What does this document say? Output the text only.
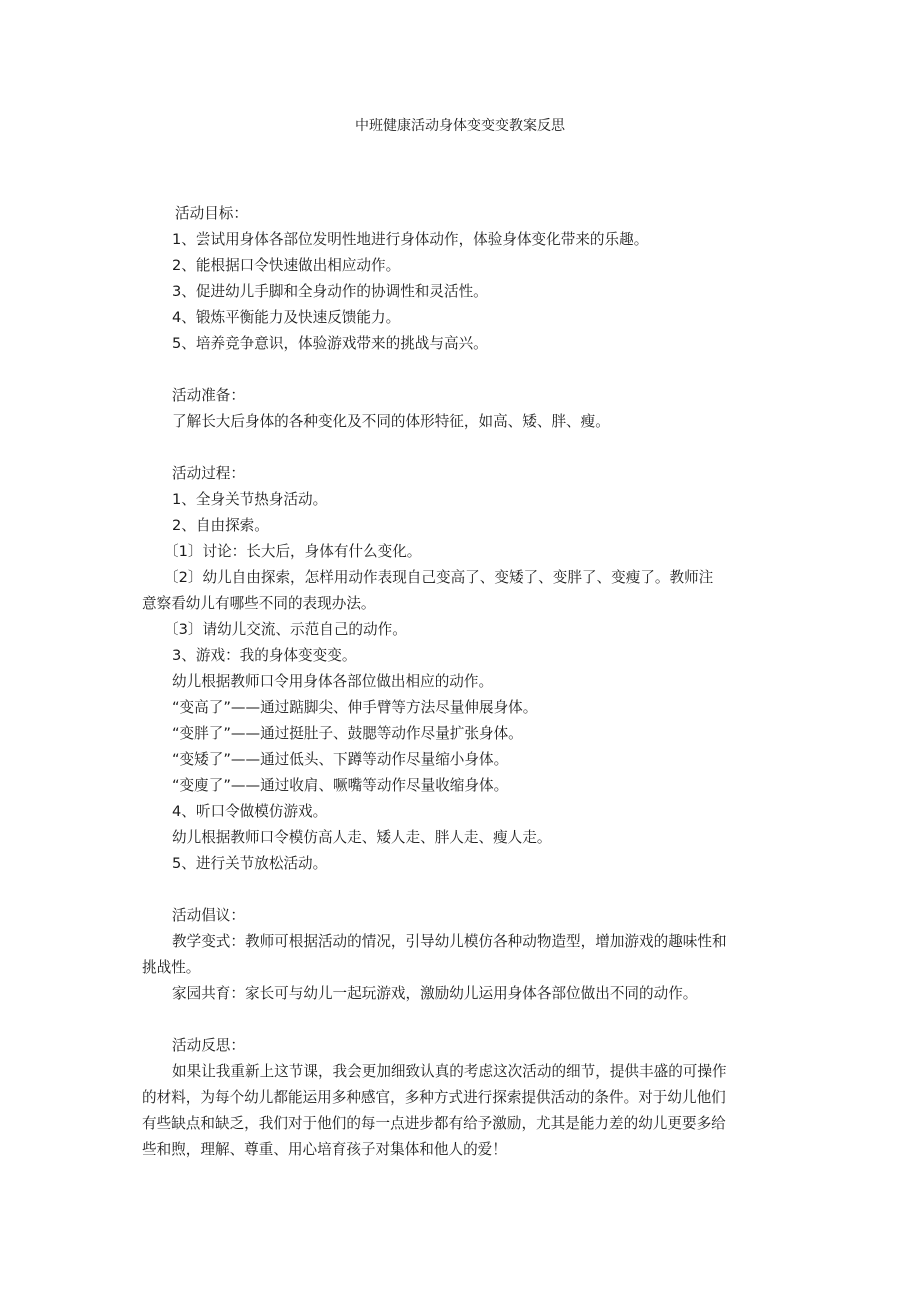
中班健康活动身体变变变教案反思
活动目标：
1、尝试用身体各部位发明性地进行身体动作，体验身体变化带来的乐趣。
2、能根据口令快速做出相应动作。
3、促进幼儿手脚和全身动作的协调性和灵活性。
4、锻炼平衡能力及快速反馈能力。
5、培养竞争意识，体验游戏带来的挑战与高兴。
活动准备：
了解长大后身体的各种变化及不同的体形特征，如高、矮、胖、瘦。
活动过程：
1、全身关节热身活动。
2、自由探索。
〔1〕讨论：长大后，身体有什么变化。
〔2〕幼儿自由探索，怎样用动作表现自己变高了、变矮了、变胖了、变瘦了。教师注
意察看幼儿有哪些不同的表现办法。
〔3〕请幼儿交流、示范自己的动作。
3、游戏：我的身体变变变。
幼儿根据教师口令用身体各部位做出相应的动作。
“变高了”——通过踮脚尖、伸手臂等方法尽量伸展身体。
“变胖了”——通过挺肚子、鼓腮等动作尽量扩张身体。
“变矮了”——通过低头、下蹲等动作尽量缩小身体。
“变廋了”——通过收肩、噘嘴等动作尽量收缩身体。
4、听口令做模仿游戏。
幼儿根据教师口令模仿高人走、矮人走、胖人走、瘦人走。
5、进行关节放松活动。
活动倡议：
教学变式：教师可根据活动的情况，引导幼儿模仿各种动物造型，增加游戏的趣味性和
挑战性。
家园共育：家长可与幼儿一起玩游戏，激励幼儿运用身体各部位做出不同的动作。
活动反思：
如果让我重新上这节课，我会更加细致认真的考虑这次活动的细节，提供丰盛的可操作
的材料，为每个幼儿都能运用多种感官，多种方式进行探索提供活动的条件。对于幼儿他们
有些缺点和缺乏，我们对于他们的每一点进步都有给予激励，尤其是能力差的幼儿更要多给
些和煦，理解、尊重、用心培育孩子对集体和他人的爱！
